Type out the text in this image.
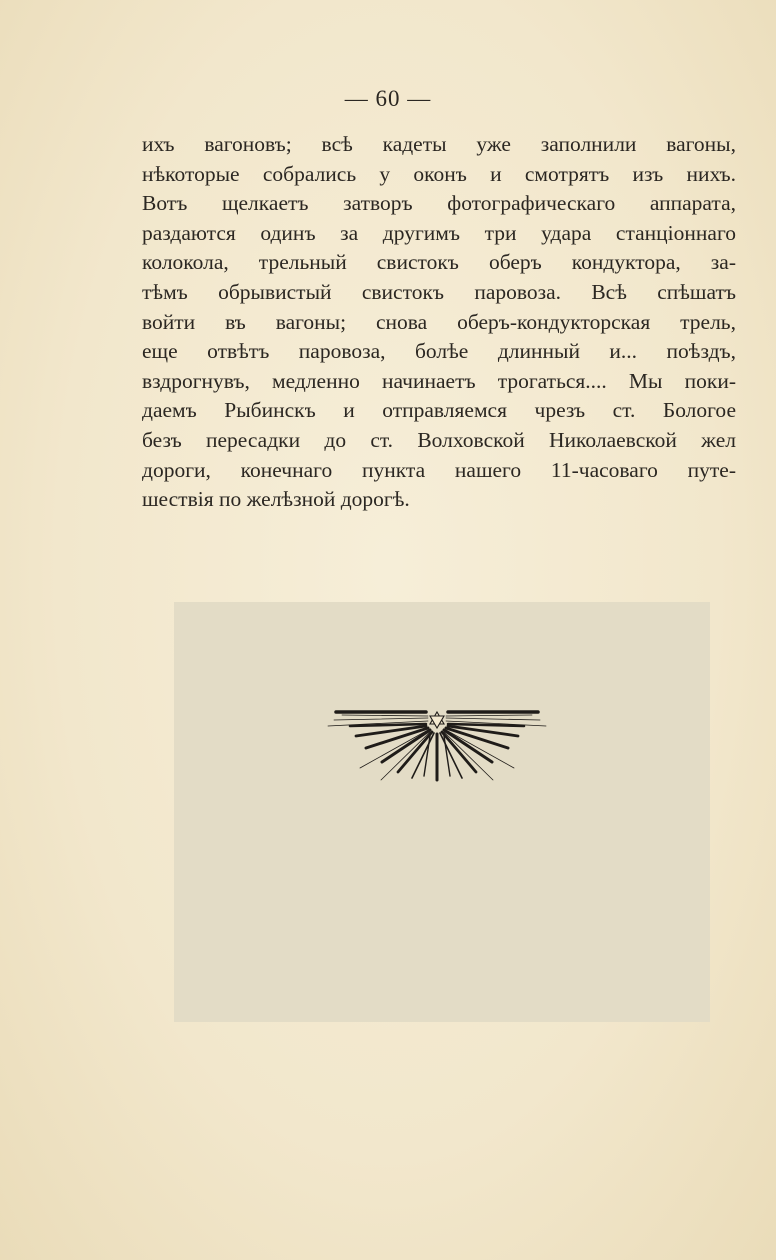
— 60 —
ихъ вагоновъ; всѣ кадеты уже заполнили вагоны,
нѣкоторые собрались у оконъ и смотрятъ изъ нихъ.
Вотъ щелкаетъ затворъ фотографическаго аппарата,
раздаются одинъ за другимъ три удара станціоннаго
колокола, трельный свистокъ оберъ кондуктора, за-
тѣмъ обрывистый свистокъ паровоза. Всѣ спѣшатъ
войти въ вагоны; снова оберъ-кондукторская трель,
еще отвѣтъ паровоза, болѣе длинный и... поѣздъ,
вздрогнувъ, медленно начинаетъ трогаться.... Мы поки-
даемъ Рыбинскъ и отправляемся чрезъ ст. Бологое
безъ пересадки до ст. Волховской Николаевской жел
дороги, конечнаго пункта нашего 11-часоваго путе-
шествія по желѣзной дорогѣ.
